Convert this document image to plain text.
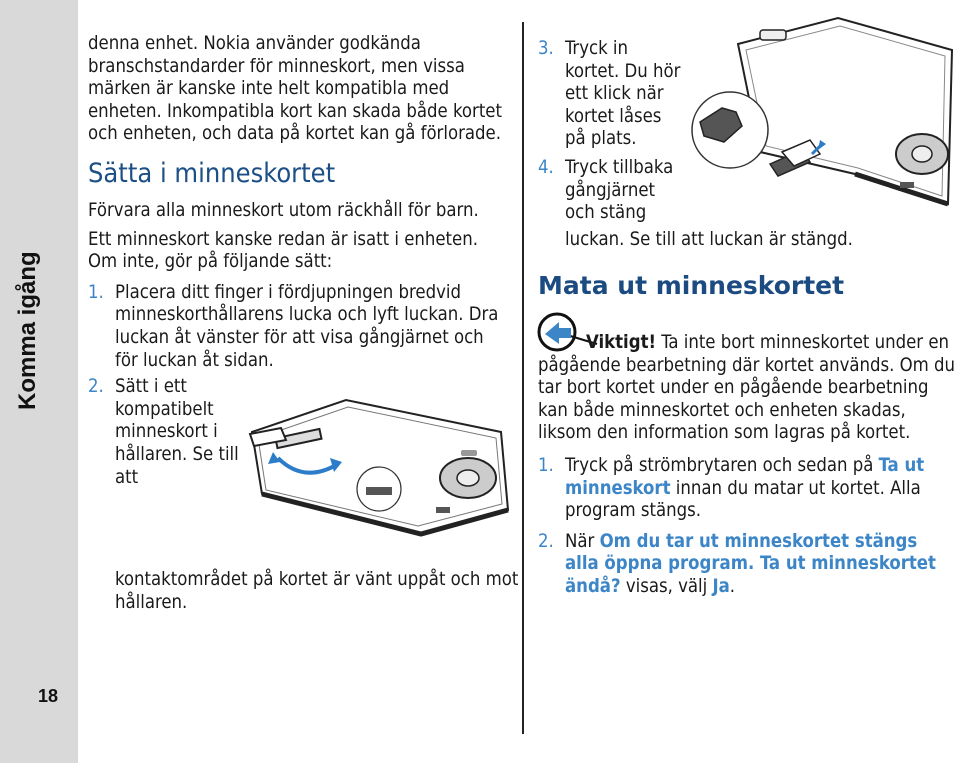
Komma igång
18

denna enhet. Nokia använder godkända branschstandarder för minneskort, men vissa märken är kanske inte helt kompatibla med enheten. Inkompatibla kort kan skada både kortet och enheten, och data på kortet kan gå förlorade.

Sätta i minneskortet

Förvara alla minneskort utom räckhåll för barn.

Ett minneskort kanske redan är isatt i enheten. Om inte, gör på följande sätt:

1. Placera ditt finger i fördjupningen bredvid minneskorthållarens lucka och lyft luckan. Dra luckan åt vänster för att visa gångjärnet och för luckan åt sidan.
2. Sätt i ett kompatibelt minneskort i hållaren. Se till att
kontaktområdet på kortet är vänt uppåt och mot hållaren.
3. Tryck in kortet. Du hör ett klick när kortet låses på plats.
4. Tryck tillbaka gångjärnet och stäng
luckan. Se till att luckan är stängd.

Mata ut minneskortet

Viktigt! Ta inte bort minneskortet under en pågående bearbetning där kortet används. Om du tar bort kortet under en pågående bearbetning kan både minneskortet och enheten skadas, liksom den information som lagras på kortet.

1. Tryck på strömbrytaren och sedan på Ta ut minneskort innan du matar ut kortet. Alla program stängs.
2. När Om du tar ut minneskortet stängs alla öppna program. Ta ut minneskortet ändå? visas, välj Ja.
